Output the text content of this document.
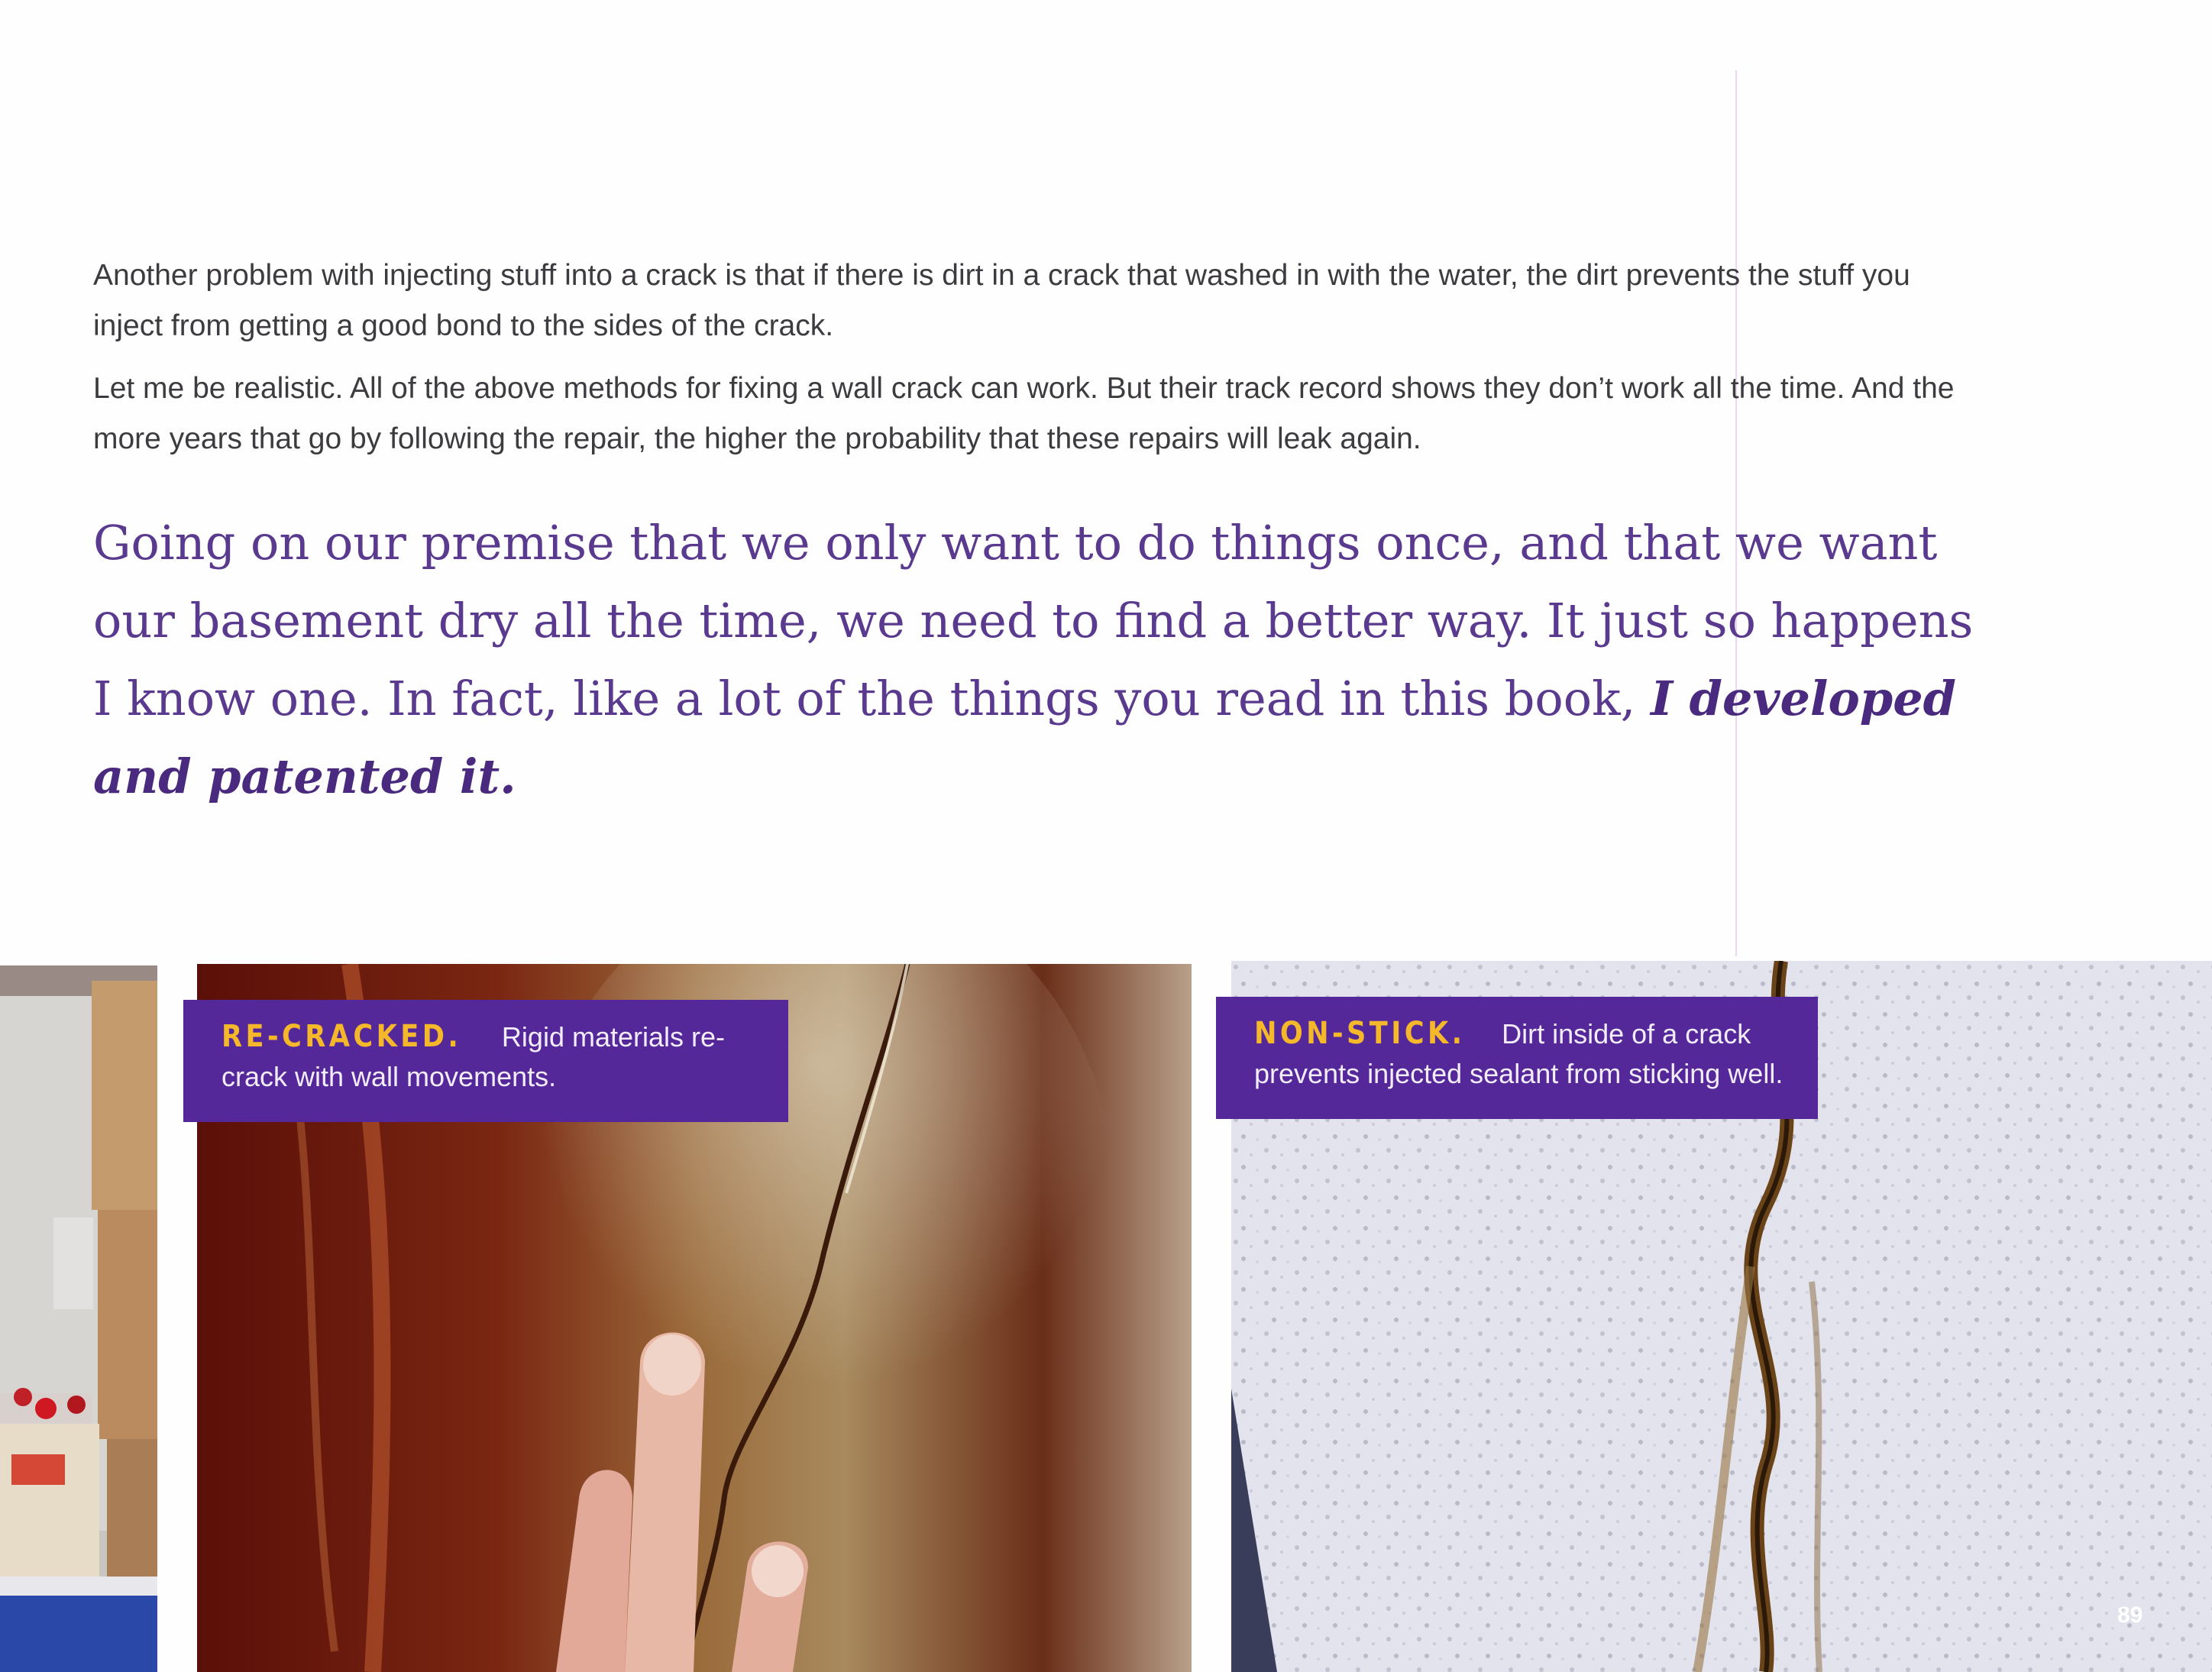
Another problem with injecting stuff into a crack is that if there is dirt in a crack that washed in with the water, the dirt prevents the stuff you inject from getting a good bond to the sides of the crack.

Let me be realistic. All of the above methods for fixing a wall crack can work. But their track record shows they don’t work all the time. And the more years that go by following the repair, the higher the probability that these repairs will leak again.

Going on our premise that we only want to do things once, and that we want our basement dry all the time, we need to find a better way. It just so happens I know one. In fact, like a lot of the things you read in this book, I developed and patented it.

RE-CRACKED. Rigid materials re-crack with wall movements.
NON-STICK. Dirt inside of a crack prevents injected sealant from sticking well.
89
